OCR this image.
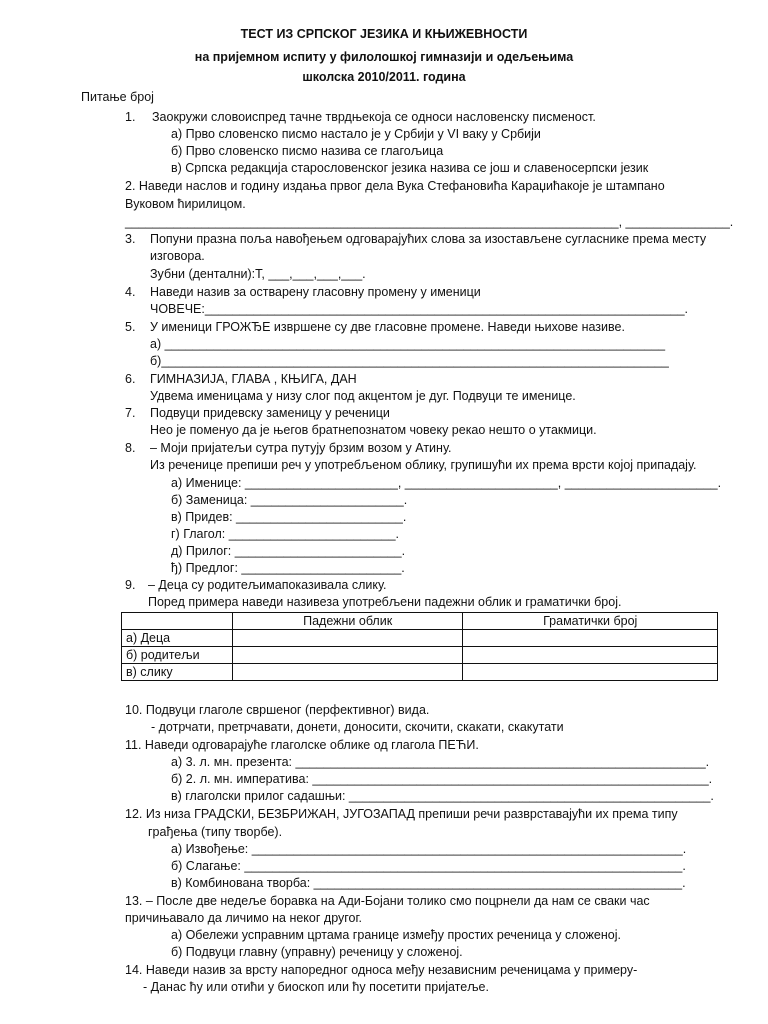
ТЕСТ ИЗ СРПСКОГ ЈЕЗИКА И КЊИЖЕВНОСТИ
на пријемном испиту у филолошкој гимназији и одељењима
школска 2010/2011. година
Питање број
1. Заокружи словоиспред тачне тврдњекоја се односи насловенску писменост.
а) Прво словенско писмо настало је у Србији у VI ваку у Србији
б) Прво словенско писмо назива се глагољица
в) Српска редакција старословенског језика назива се још и славеносерпски језик
2. Наведи наслов и годину издања првог дела Вука Стефановића Караџићакоје је штампано
Вуковом ћирилицом.
_______________________________________________________________________, _______________.
3. Попуни празна поља навођењем одговарајућих слова за изостављене сугласнике према месту
изговора.
Зубни (дентални):Т, ___,___,___,___.
4. Наведи назив за остварену гласовну промену у именици
ЧОВЕЧЕ:_____________________________________________________________________.
5. У именици ГРОЖЂЕ извршене су две гласовне промене. Наведи њихове називе.
а) ________________________________________________________________________
б)_________________________________________________________________________
6. ГИМНАЗИЈА, ГЛАВА , КЊИГА, ДАН
Удвема именицама у низу слог под акцентом је дуг. Подвуци те именице.
7. Подвуци придевску заменицу у реченици
Нео је поменуо да је његов братнепознатом човеку рекао нешто о утакмици.
8. – Моји пријатељи сутра путују брзим возом у Атину.
Из реченице препиши реч у употребљеном облику, групишући их према врсти којој припадају.
а) Именице: ______________________, ______________________, ______________________.
б) Заменица: ______________________.
в) Придев: ________________________.
г) Глагол: ________________________.
д) Прилог: ________________________.
ђ) Предлог: _______________________.
9. – Деца су родитељимапоказивала слику.
Поред примера наведи називезa употребљени падежни облик и граматички број.
	Падежни облик	Граматички број
а) Деца		
б) родитељи		
в) слику		
10. Подвуци глаголе свршеног (перфективног) вида.
- дотрчати, претрчавати, донети, доносити, скочити, скакати, скакутати
11. Наведи одговарајуће глаголске облике од глагола ПЕЋИ.
а) 3. л. мн. презента: ___________________________________________________________.
б) 2. л. мн. императива: _________________________________________________________.
в) глаголски прилог садашњи: ____________________________________________________.
12. Из низа ГРАДСКИ, БЕЗБРИЖАН, ЈУГОЗАПАД препиши речи разврставајући их према типу
грађења (типу творбе).
а) Извођење: ______________________________________________________________.
б) Слагање: _______________________________________________________________.
в) Комбинована творба: _____________________________________________________.
13. – После две недеље боравка на Ади-Бојани толико смо поцрнели да нам се сваки час
причињавало да личимо на неког другог.
а) Обележи усправним цртама границе између простих реченица у сложеној.
б) Подвуци главну (управну) реченицу у сложеној.
14. Наведи назив за врсту напоредног односа међу независним реченицама у примеру-
- Данас ћу или отићи у биоскоп или ћу посетити пријатеље.
